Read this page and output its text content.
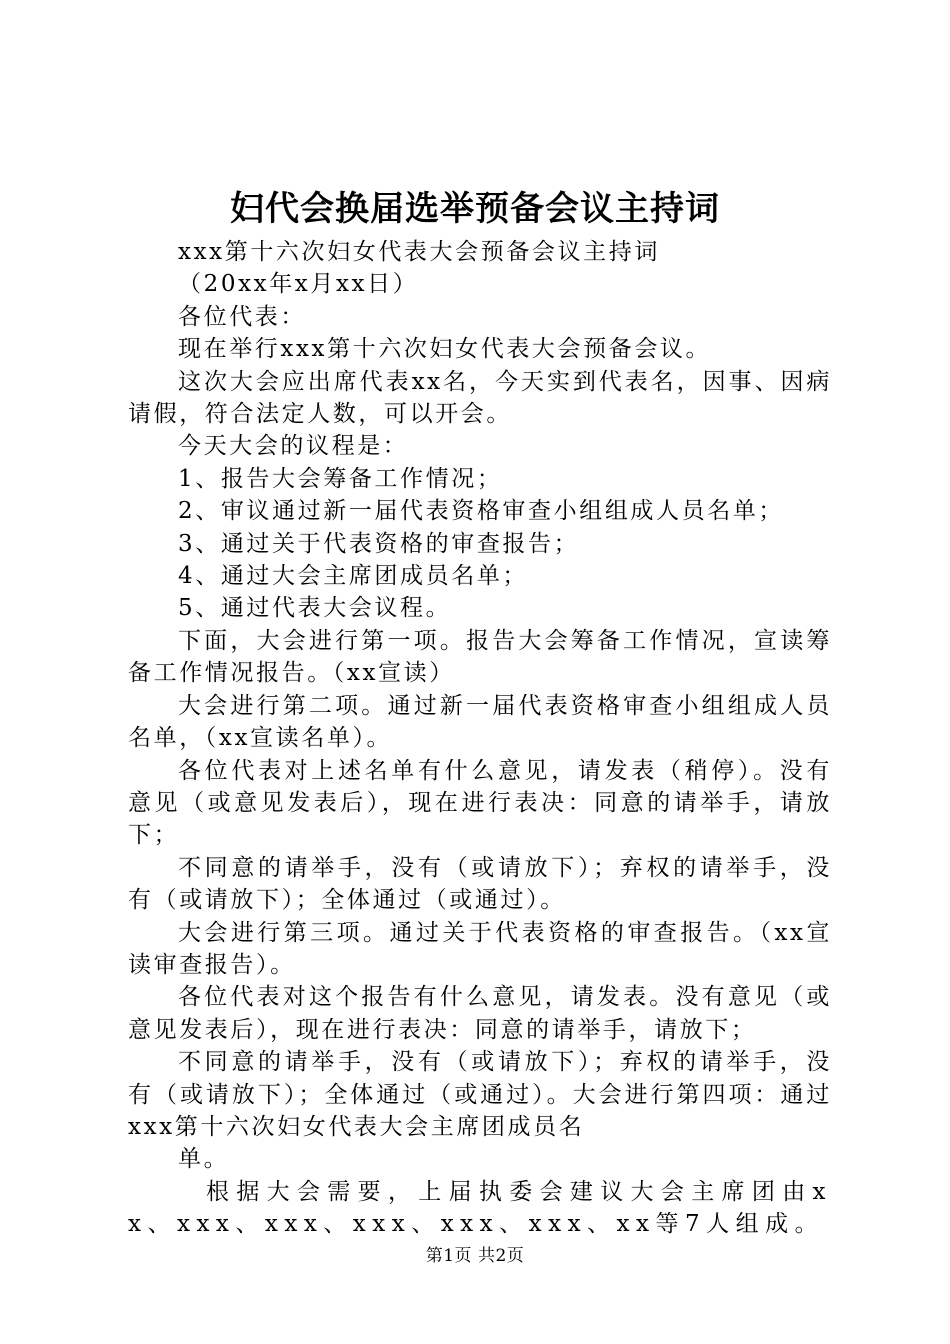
妇代会换届选举预备会议主持词

xxx第十六次妇女代表大会预备会议主持词

（20xx年x月xx日）

各位代表：

现在举行xxx第十六次妇女代表大会预备会议。

这次大会应出席代表xx名，今天实到代表名，因事、因病请假，符合法定人数，可以开会。

今天大会的议程是：

1、报告大会筹备工作情况；

2、审议通过新一届代表资格审查小组组成人员名单；

3、通过关于代表资格的审查报告；

4、通过大会主席团成员名单；

5、通过代表大会议程。

下面，大会进行第一项。报告大会筹备工作情况，宣读筹备工作情况报告。（xx宣读）

大会进行第二项。通过新一届代表资格审查小组组成人员名单，（xx宣读名单）。

各位代表对上述名单有什么意见，请发表（稍停）。没有意见（或意见发表后），现在进行表决：同意的请举手，请放下；

不同意的请举手，没有（或请放下）；弃权的请举手，没有（或请放下）；全体通过（或通过）。

大会进行第三项。通过关于代表资格的审查报告。（xx宣读审查报告）。

各位代表对这个报告有什么意见，请发表。没有意见（或意见发表后），现在进行表决：同意的请举手，请放下；

不同意的请举手，没有（或请放下）；弃权的请举手，没有（或请放下）；全体通过（或通过）。大会进行第四项：通过xxx第十六次妇女代表大会主席团成员名

单。

根据大会需要，上届执委会建议大会主席团由xx、xxx、xxx、xxx、xxx、xxx、xx等7人组成。

第1页 共2页
